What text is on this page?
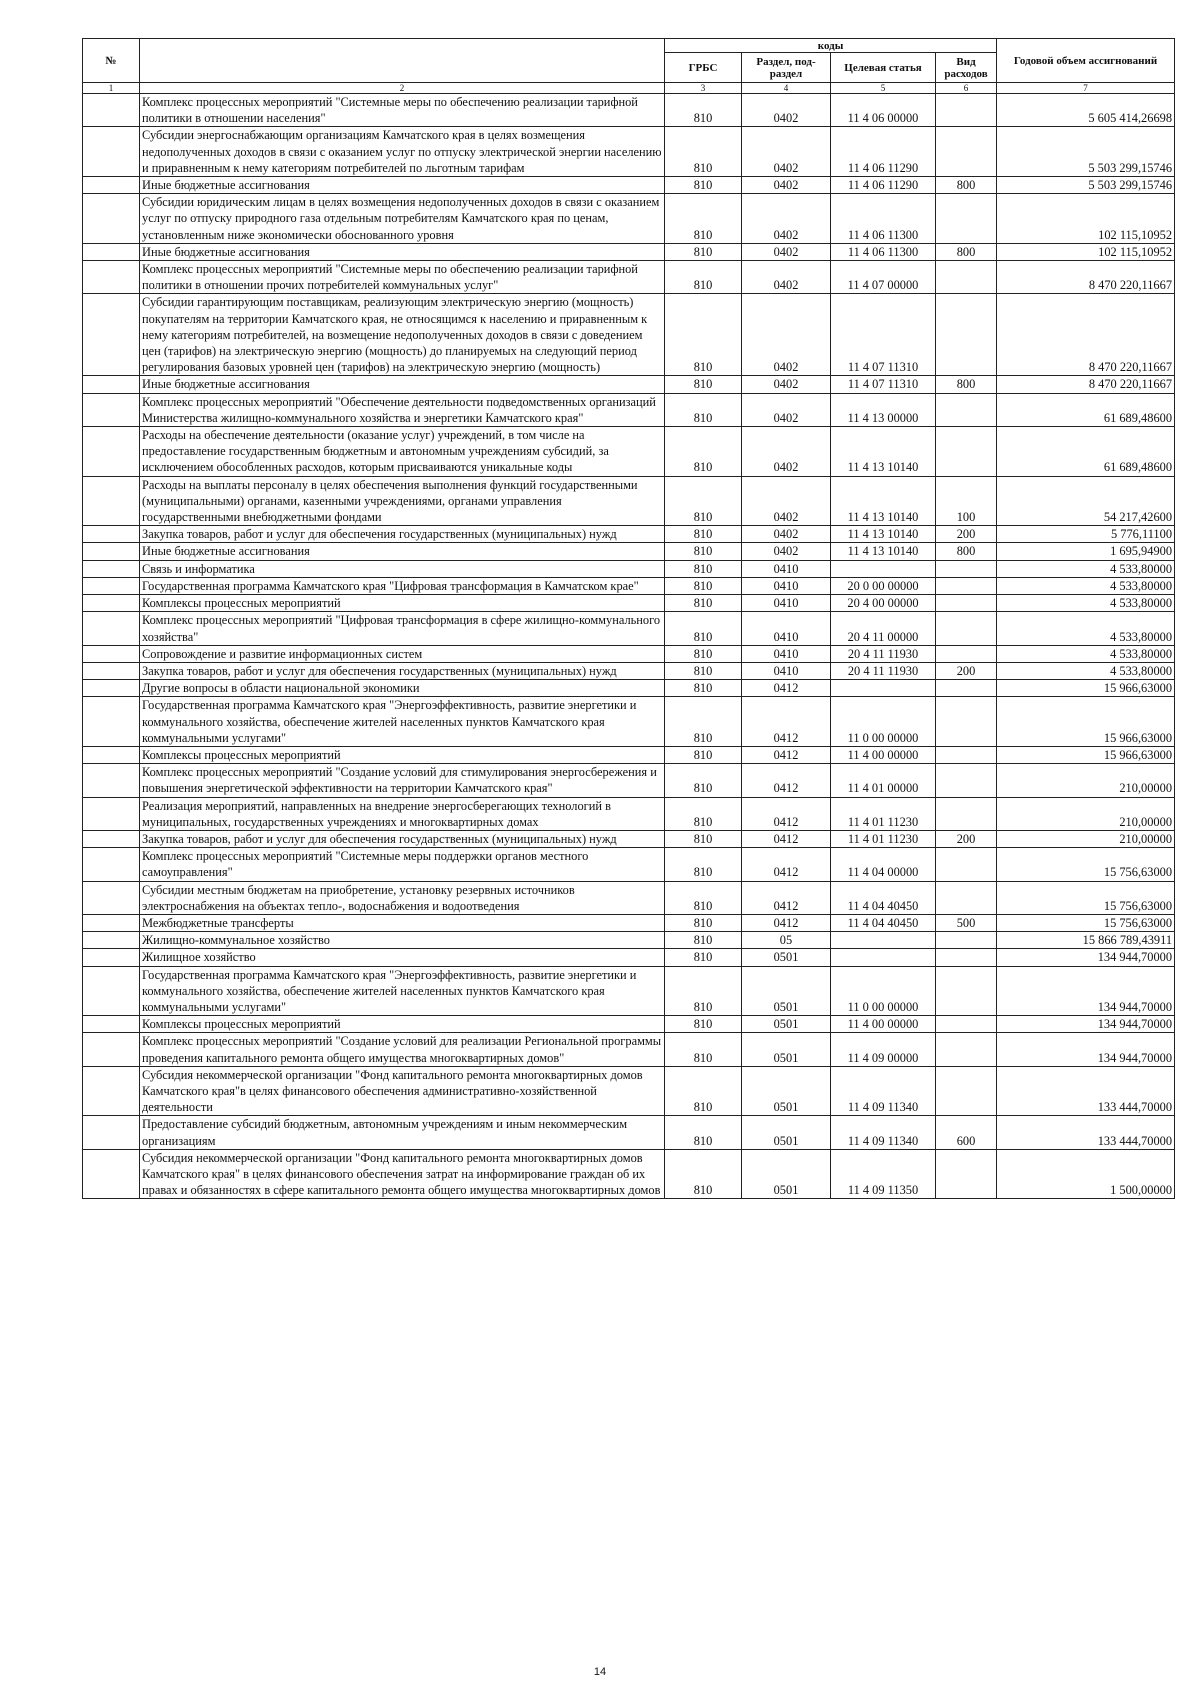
№		коды				Годовой объем ассигнований
		ГРБС	Раздел, под-раздел	Целевая статья	Вид расходов	
1	2	3	4	5	6	7
	Комплекс процессных мероприятий "Системные меры по обеспечению реализации тарифной политики в отношении населения"	810	0402	11 4 06 00000		5 605 414,26698
	Субсидии энергоснабжающим организациям Камчатского края в целях возмещения недополученных доходов в связи с оказанием услуг по отпуску электрической энергии населению и приравненным к нему категориям потребителей по льготным тарифам	810	0402	11 4 06 11290		5 503 299,15746
	Иные бюджетные ассигнования	810	0402	11 4 06 11290	800	5 503 299,15746
	Субсидии юридическим лицам в целях возмещения недополученных доходов в связи с оказанием услуг по отпуску природного газа отдельным потребителям Камчатского края по ценам, установленным ниже экономически обоснованного уровня	810	0402	11 4 06 11300		102 115,10952
	Иные бюджетные ассигнования	810	0402	11 4 06 11300	800	102 115,10952
	Комплекс процессных мероприятий "Системные меры по обеспечению реализации тарифной политики в отношении прочих потребителей коммунальных услуг"	810	0402	11 4 07 00000		8 470 220,11667
	Субсидии гарантирующим поставщикам, реализующим электрическую энергию (мощность) покупателям на территории Камчатского края, не относящимся к населению и приравненным к нему категориям потребителей, на возмещение недополученных доходов в связи с доведением цен (тарифов) на электрическую энергию (мощность) до планируемых на следующий период регулирования базовых уровней цен (тарифов) на электрическую энергию (мощность)	810	0402	11 4 07 11310		8 470 220,11667
	Иные бюджетные ассигнования	810	0402	11 4 07 11310	800	8 470 220,11667
	Комплекс процессных мероприятий "Обеспечение деятельности подведомственных организаций Министерства жилищно-коммунального хозяйства и энергетики Камчатского края"	810	0402	11 4 13 00000		61 689,48600
	Расходы на обеспечение деятельности (оказание услуг) учреждений, в том числе на предоставление государственным бюджетным и автономным учреждениям субсидий, за исключением обособленных расходов, которым присваиваются уникальные коды	810	0402	11 4 13 10140		61 689,48600
	Расходы на выплаты персоналу в целях обеспечения выполнения функций государственными (муниципальными) органами, казенными учреждениями, органами управления государственными внебюджетными фондами	810	0402	11 4 13 10140	100	54 217,42600
	Закупка товаров, работ и услуг для обеспечения государственных (муниципальных) нужд	810	0402	11 4 13 10140	200	5 776,11100
	Иные бюджетные ассигнования	810	0402	11 4 13 10140	800	1 695,94900
	Связь и информатика	810	0410			4 533,80000
	Государственная программа Камчатского края "Цифровая трансформация в Камчатском крае"	810	0410	20 0 00 00000		4 533,80000
	Комплексы процессных мероприятий	810	0410	20 4 00 00000		4 533,80000
	Комплекс процессных мероприятий "Цифровая трансформация в сфере жилищно-коммунального хозяйства"	810	0410	20 4 11 00000		4 533,80000
	Сопровождение и развитие информационных систем	810	0410	20 4 11 11930		4 533,80000
	Закупка товаров, работ и услуг для обеспечения государственных (муниципальных) нужд	810	0410	20 4 11 11930	200	4 533,80000
	Другие вопросы в области национальной экономики	810	0412			15 966,63000
	Государственная программа Камчатского края "Энергоэффективность, развитие энергетики и коммунального хозяйства, обеспечение жителей населенных пунктов Камчатского края коммунальными услугами"	810	0412	11 0 00 00000		15 966,63000
	Комплексы процессных мероприятий	810	0412	11 4 00 00000		15 966,63000
	Комплекс процессных мероприятий "Создание условий для стимулирования энергосбережения и повышения энергетической эффективности на территории Камчатского края"	810	0412	11 4 01 00000		210,00000
	Реализация мероприятий, направленных на внедрение энергосберегающих технологий в муниципальных, государственных учреждениях и многоквартирных домах	810	0412	11 4 01 11230		210,00000
	Закупка товаров, работ и услуг для обеспечения государственных (муниципальных) нужд	810	0412	11 4 01 11230	200	210,00000
	Комплекс процессных мероприятий "Системные меры поддержки органов местного самоуправления"	810	0412	11 4 04 00000		15 756,63000
	Субсидии местным бюджетам на приобретение, установку резервных источников электроснабжения на объектах тепло-, водоснабжения и водоотведения	810	0412	11 4 04 40450		15 756,63000
	Межбюджетные трансферты	810	0412	11 4 04 40450	500	15 756,63000
	Жилищно-коммунальное хозяйство	810	05			15 866 789,43911
	Жилищное хозяйство	810	0501			134 944,70000
	Государственная программа Камчатского края "Энергоэффективность, развитие энергетики и коммунального хозяйства, обеспечение жителей населенных пунктов Камчатского края коммунальными услугами"	810	0501	11 0 00 00000		134 944,70000
	Комплексы процессных мероприятий	810	0501	11 4 00 00000		134 944,70000
	Комплекс процессных мероприятий "Создание условий для реализации Региональной программы проведения капитального ремонта общего имущества многоквартирных домов"	810	0501	11 4 09 00000		134 944,70000
	Субсидия некоммерческой организации "Фонд капитального ремонта многоквартирных домов Камчатского края"в целях финансового обеспечения административно-хозяйственной деятельности	810	0501	11 4 09 11340		133 444,70000
	Предоставление субсидий бюджетным, автономным учреждениям и иным некоммерческим организациям	810	0501	11 4 09 11340	600	133 444,70000
	Субсидия некоммерческой организации "Фонд капитального ремонта многоквартирных домов Камчатского края" в целях финансового обеспечения затрат на информирование граждан об их правах и обязанностях в сфере капитального ремонта общего имущества многоквартирных домов	810	0501	11 4 09 11350		1 500,00000
14
